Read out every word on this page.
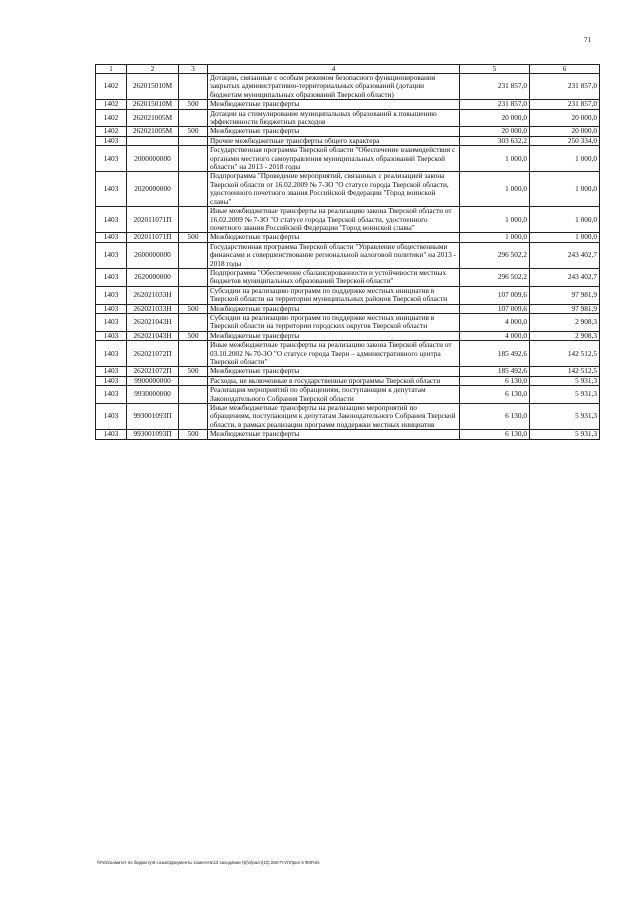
71
1	2	3	4	5	6
1402	262015010М		Дотации, связанные с особым режимом безопасного функционирования закрытых административно-территориальных образований (дотации бюджетам муниципальных образований Тверской области)	231 857,0	231 857,0
1402	262015010М	500	Межбюджетные трансферты	231 857,0	231 857,0
1402	262021005М		Дотации на стимулирование муниципальных образований к повышению эффективности бюджетных расходов	20 000,0	20 000,0
1402	262021005М	500	Межбюджетные трансферты	20 000,0	20 000,0
1403			Прочие межбюджетные трансферты общего характера	303 632,2	250 334,0
1403	2000000000		Государственная программа Тверской области "Обеспечение взаимодействия с органами местного самоуправления муниципальных образований Тверской области" на 2013 - 2018 годы	1 000,0	1 000,0
1403	2020000000		Подпрограмма "Проведение мероприятий, связанных с реализацией закона Тверской области от 16.02.2009 № 7-ЗО "О статусе города Тверской области, удостоенного почетного звания Российской Федерации "Город воинской славы"	1 000,0	1 000,0
1403	202011071П		Иные межбюджетные трансферты на реализацию закона Тверской области от 16.02.2009 № 7-ЗО "О статусе города Тверской области, удостоенного почетного звания Российской Федерации "Город воинской славы"	1 000,0	1 000,0
1403	202011071П	500	Межбюджетные трансферты	1 000,0	1 000,0
1403	2600000000		Государственная программа Тверской области "Управление общественными финансами и совершенствование региональной налоговой политики" на 2013 - 2018 годы	296 502,2	243 402,7
1403	2620000000		Подпрограмма "Обеспечение сбалансированности и устойчивости местных бюджетов муниципальных образований Тверской области"	296 502,2	243 402,7
1403	262021033Н		Субсидии на реализацию программ по поддержке местных инициатив в Тверской области на территории муниципальных районов Тверской области	107 009,6	97 981,9
1403	262021033Н	500	Межбюджетные трансферты	107 009,6	97 981,9
1403	262021043Н		Субсидии на реализацию программ по поддержке местных инициатив в Тверской области на территории городских округов Тверской области	4 000,0	2 908,3
1403	262021043Н	500	Межбюджетные трансферты	4 000,0	2 908,3
1403	262021072П		Иные межбюджетные трансферты на реализацию закона Тверской области от 03.10.2002 № 70-ЗО "О статусе города Твери – административного центра Тверской области"	185 492,6	142 512,5
1403	262021072П	500	Межбюджетные трансферты	185 492,6	142 512,5
1403	9900000000		Расходы, не включенные в государственные программы Тверской области	6 130,0	5 931,3
1403	9930000000		Реализация мероприятий по обращениям, поступающим к депутатам Законодательного Собрания Тверской области	6 130,0	5 931,3
1403	993001093П		Иные межбюджетные трансферты на реализацию мероприятий по обращениям, поступающим к депутатам Законодательного Собрания Тверской области, в рамках реализации программ поддержки местных инициатив	6 130,0	5 931,3
1403	993001093П	500	Межбюджетные трансферты	6 130,0	5 931,3
\\Fs01\комитет по бюджету\6 созыв\Документы комитета\13 заседание (6)\п\расп(13) 282-П-VI\Прил 5 ФКР.xls
